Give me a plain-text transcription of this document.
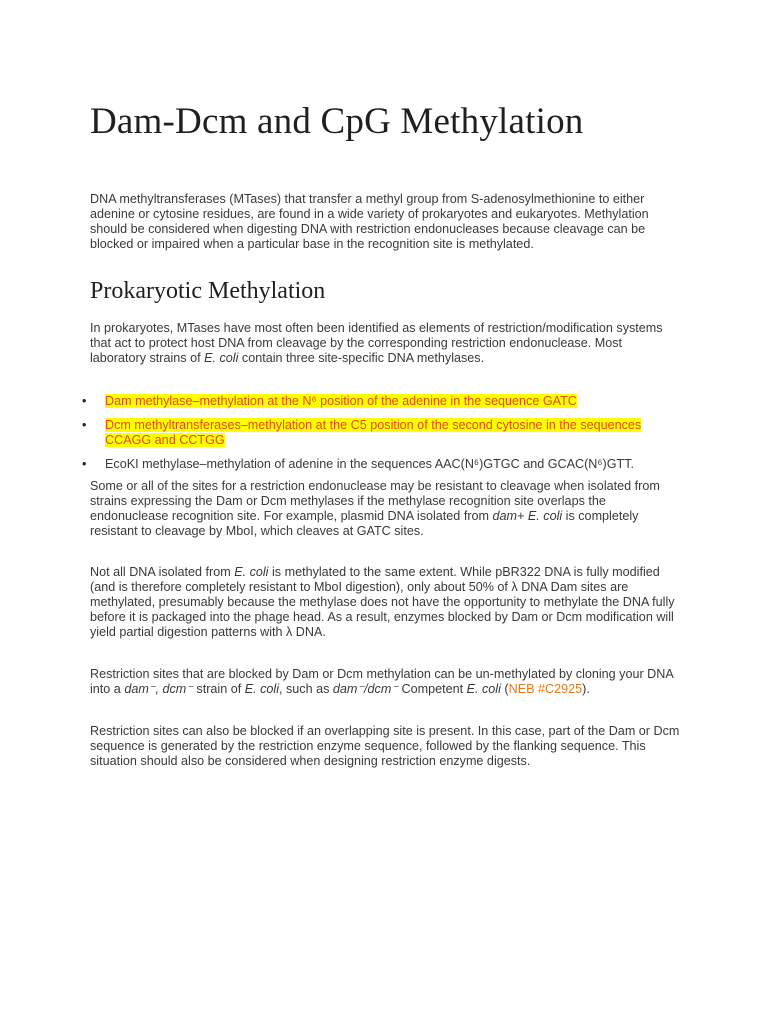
Dam-Dcm and CpG Methylation

DNA methyltransferases (MTases) that transfer a methyl group from S-adenosylmethionine to either
adenine or cytosine residues, are found in a wide variety of prokaryotes and eukaryotes. Methylation
should be considered when digesting DNA with restriction endonucleases because cleavage can be
blocked or impaired when a particular base in the recognition site is methylated.

Prokaryotic Methylation

In prokaryotes, MTases have most often been identified as elements of restriction/modification systems
that act to protect host DNA from cleavage by the corresponding restriction endonuclease. Most
laboratory strains of E. coli contain three site-specific DNA methylases.

•	Dam methylase–methylation at the N⁶ position of the adenine in the sequence GATC
•	Dcm methyltransferases–methylation at the C5 position of the second cytosine in the sequences
CCAGG and CCTGG
•	EcoKI methylase–methylation of adenine in the sequences AAC(N⁶)GTGC and GCAC(N⁶)GTT.

Some or all of the sites for a restriction endonuclease may be resistant to cleavage when isolated from
strains expressing the Dam or Dcm methylases if the methylase recognition site overlaps the
endonuclease recognition site. For example, plasmid DNA isolated from dam+ E. coli is completely
resistant to cleavage by MboI, which cleaves at GATC sites.

Not all DNA isolated from E. coli is methylated to the same extent. While pBR322 DNA is fully modified
(and is therefore completely resistant to MboI digestion), only about 50% of λ DNA Dam sites are
methylated, presumably because the methylase does not have the opportunity to methylate the DNA fully
before it is packaged into the phage head. As a result, enzymes blocked by Dam or Dcm modification will
yield partial digestion patterns with λ DNA.

Restriction sites that are blocked by Dam or Dcm methylation can be un-methylated by cloning your DNA
into a dam⁻, dcm⁻ strain of E. coli, such as dam⁻/dcm⁻ Competent E. coli (NEB #C2925).

Restriction sites can also be blocked if an overlapping site is present. In this case, part of the Dam or Dcm
sequence is generated by the restriction enzyme sequence, followed by the flanking sequence. This
situation should also be considered when designing restriction enzyme digests.
